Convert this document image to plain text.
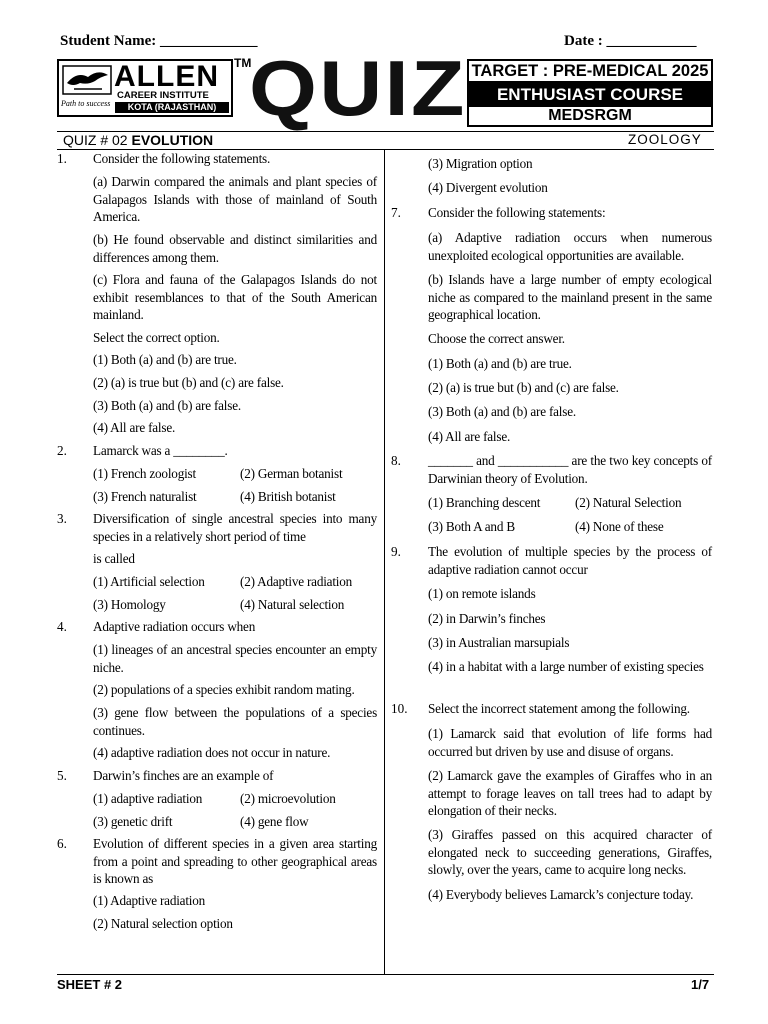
Student Name: _____________	Date : ____________
ALLEN
CAREER INSTITUTE
KOTA (RAJASTHAN)
Path to success
TM
QUIZ TARGET : PRE-MEDICAL 2025
ENTHUSIAST COURSE
MEDSRGM
QUIZ # 02 EVOLUTION	ZOOLOGY
1. Consider the following statements.
(a) Darwin compared the animals and plant species of Galapagos Islands with those of mainland of South America.
(b) He found observable and distinct similarities and differences among them.
(c) Flora and fauna of the Galapagos Islands do not exhibit resemblances to that of the South American mainland.
Select the correct option.
(1) Both (a) and (b) are true.
(2) (a) is true but (b) and (c) are false.
(3) Both (a) and (b) are false.
(4) All are false.
2. Lamarck was a ________.
(1) French zoologist	(2) German botanist
(3) French naturalist	(4) British botanist
3. Diversification of single ancestral species into many species in a relatively short period of time
is called
(1) Artificial selection	(2) Adaptive radiation
(3) Homology	(4) Natural selection
4. Adaptive radiation occurs when
(1) lineages of an ancestral species encounter an empty niche.
(2) populations of a species exhibit random mating.
(3) gene flow between the populations of a species continues.
(4) adaptive radiation does not occur in nature.
5. Darwin’s finches are an example of
(1) adaptive radiation	(2) microevolution
(3) genetic drift	(4) gene flow
6. Evolution of different species in a given area starting from a point and spreading to other geographical areas is known as
(1) Adaptive radiation
(2) Natural selection option
(3) Migration option
(4) Divergent evolution
7. Consider the following statements:
(a) Adaptive radiation occurs when numerous unexploited ecological opportunities are available.
(b) Islands have a large number of empty ecological niche as compared to the mainland present in the same geographical location.
Choose the correct answer.
(1) Both (a) and (b) are true.
(2) (a) is true but (b) and (c) are false.
(3) Both (a) and (b) are false.
(4) All are false.
8. _______ and ___________ are the two key concepts of Darwinian theory of Evolution.
(1) Branching descent	(2) Natural Selection
(3) Both A and B	(4) None of these
9. The evolution of multiple species by the process of adaptive radiation cannot occur
(1) on remote islands
(2) in Darwin’s finches
(3) in Australian marsupials
(4) in a habitat with a large number of existing species
10. Select the incorrect statement among the following.
(1) Lamarck said that evolution of life forms had occurred but driven by use and disuse of organs.
(2) Lamarck gave the examples of Giraffes who in an attempt to forage leaves on tall trees had to adapt by elongation of their necks.
(3) Giraffes passed on this acquired character of elongated neck to succeeding generations, Giraffes, slowly, over the years, came to acquire long necks.
(4) Everybody believes Lamarck’s conjecture today.
SHEET # 2	1/7
